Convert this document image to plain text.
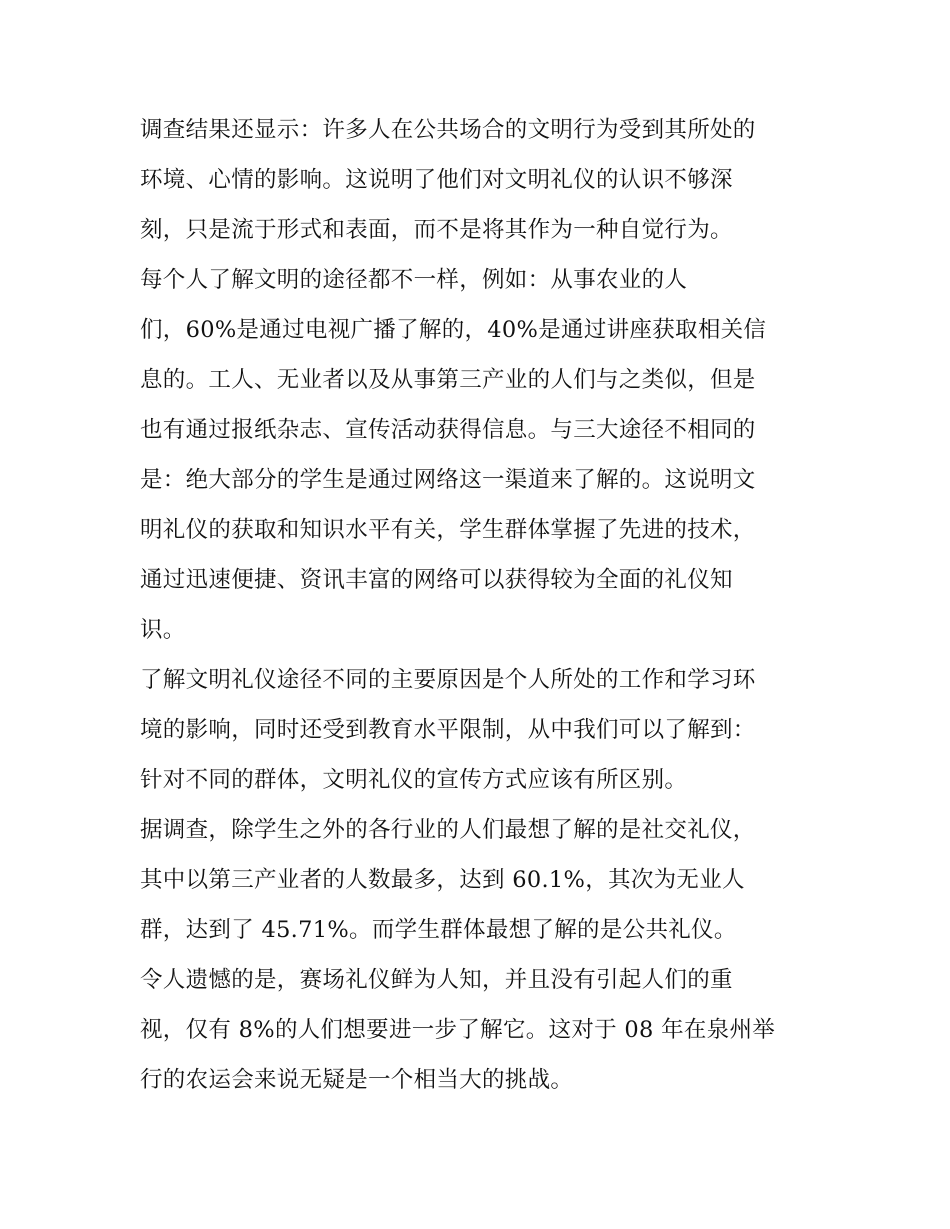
调查结果还显示：许多人在公共场合的文明行为受到其所处的
环境、心情的影响。这说明了他们对文明礼仪的认识不够深
刻，只是流于形式和表面，而不是将其作为一种自觉行为。
每个人了解文明的途径都不一样，例如：从事农业的人
们，60%是通过电视广播了解的，40%是通过讲座获取相关信
息的。工人、无业者以及从事第三产业的人们与之类似，但是
也有通过报纸杂志、宣传活动获得信息。与三大途径不相同的
是：绝大部分的学生是通过网络这一渠道来了解的。这说明文
明礼仪的获取和知识水平有关，学生群体掌握了先进的技术，
通过迅速便捷、资讯丰富的网络可以获得较为全面的礼仪知
识。
了解文明礼仪途径不同的主要原因是个人所处的工作和学习环
境的影响，同时还受到教育水平限制，从中我们可以了解到：
针对不同的群体，文明礼仪的宣传方式应该有所区别。
据调查，除学生之外的各行业的人们最想了解的是社交礼仪，
其中以第三产业者的人数最多，达到 60.1%，其次为无业人
群，达到了 45.71%。而学生群体最想了解的是公共礼仪。
令人遗憾的是，赛场礼仪鲜为人知，并且没有引起人们的重
视，仅有 8%的人们想要进一步了解它。这对于 08 年在泉州举
行的农运会来说无疑是一个相当大的挑战。
